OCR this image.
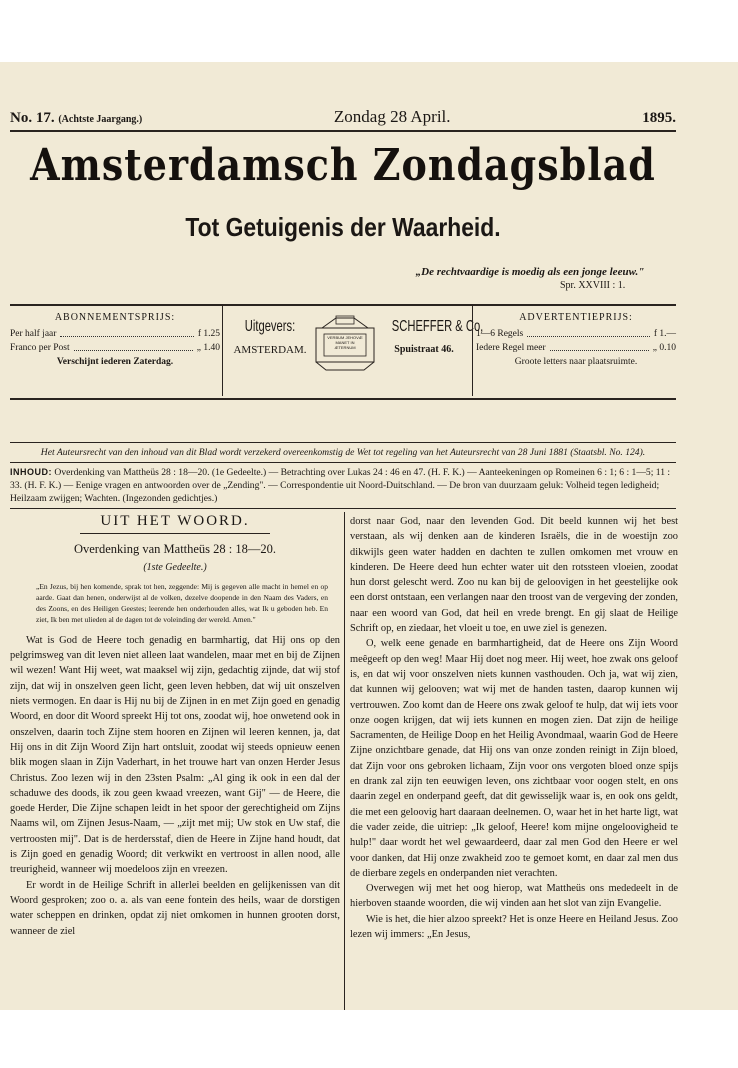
No. 17. (Achtste Jaargang.)	Zondag 28 April.	1895.
Amsterdamsch Zondagsblad
Tot Getuigenis der Waarheid.
„De rechtvaardige is moedig als een jonge leeuw."
Spr. XXVIII : 1.
ABONNEMENTSPRIJS:
Per half jaar	f 1.25
Franco per Post	„ 1.40
Verschijnt iederen Zaterdag.
Uitgevers:
AMSTERDAM.
VERBUM JEHOVÆ MANET IN ÆTERNUM
SCHEFFER & Co,
Spuistraat 46.
ADVERTENTIEPRIJS:
1—6 Regels	f 1.—
Iedere Regel meer	„ 0.10
Groote letters naar plaatsruimte.
Het Auteursrecht van den inhoud van dit Blad wordt verzekerd overeenkomstig de Wet tot regeling van het Auteursrecht van 28 Juni 1881 (Staatsbl. No. 124).
INHOUD: Overdenking van Mattheüs 28 : 18—20. (1e Gedeelte.) — Betrachting over Lukas 24 : 46 en 47. (H. F. K.) — Aanteekeningen op Romeinen 6 : 1; 6 : 1—5; 11 : 33. (H. F. K.) — Eenige vragen en antwoorden over de „Zending". — Correspondentie uit Noord-Duitschland. — De bron van duurzaam geluk: Volheid tegen ledigheid; Heilzaam zwijgen; Wachten. (Ingezonden gedichtjes.)
UIT HET WOORD.
Overdenking van Mattheüs 28 : 18—20.
(1ste Gedeelte.)
„En Jezus, bij hen komende, sprak tot hen, zeggende: Mij is gegeven alle macht in hemel en op aarde. Gaat dan henen, onderwijst al de volken, dezelve doopende in den Naam des Vaders, en des Zoons, en des Heiligen Geestes; leerende hen onderhouden alles, wat Ik u geboden heb. En ziet, Ik ben met ulieden al de dagen tot de voleinding der wereld. Amen."

Wat is God de Heere toch genadig en barmhartig, dat Hij ons op den pelgrimsweg van dit leven niet alleen laat wandelen, maar met en bij de Zijnen wil wezen! Want Hij weet, wat maaksel wij zijn, gedachtig zijnde, dat wij stof zijn, dat wij in onszelven geen licht, geen leven hebben, dat wij uit onszelven niets vermogen. En daar is Hij nu bij de Zijnen in en met Zijn goed en genadig Woord, en door dit Woord spreekt Hij tot ons, zoodat wij, hoe onwetend ook in onszelven, daarin toch Zijne stem hooren en Zijnen wil leeren kennen, ja, dat Hij ons in dit Zijn Woord Zijn hart ontsluit, zoodat wij steeds opnieuw eenen blik mogen slaan in Zijn Vaderhart, in het trouwe hart van onzen Herder Jesus Christus. Zoo lezen wij in den 23sten Psalm: „Al ging ik ook in een dal der schaduwe des doods, ik zou geen kwaad vreezen, want Gij" — de Heere, die goede Herder, Die Zijne schapen leidt in het spoor der gerechtigheid om Zijns Naams wil, om Zijnen Jesus-Naam, — „zijt met mij; Uw stok en Uw staf, die vertroosten mij". Dat is de herdersstaf, dien de Heere in Zijne hand houdt, dat is Zijn goed en genadig Woord; dit verkwikt en vertroost in allen nood, alle treurigheid, wanneer wij moedeloos zijn en vreezen.

Er wordt in de Heilige Schrift in allerlei beelden en gelijkenissen van dit Woord gesproken; zoo o. a. als van eene fontein des heils, waar de dorstigen water scheppen en drinken, opdat zij niet omkomen in hunnen grooten dorst, wanneer de ziel

dorst naar God, naar den levenden God. Dit beeld kunnen wij het best verstaan, als wij denken aan de kinderen Israëls, die in de woestijn zoo dikwijls geen water hadden en dachten te zullen omkomen met vrouw en kinderen. De Heere deed hun echter water uit den rotssteen vloeien, zoodat hun dorst gelescht werd. Zoo nu kan bij de geloovigen in het geestelijke ook een dorst ontstaan, een verlangen naar den troost van de vergeving der zonden, naar een woord van God, dat heil en vrede brengt. En gij slaat de Heilige Schrift op, en ziedaar, het vloeit u toe, en uwe ziel is genezen.

O, welk eene genade en barmhartigheid, dat de Heere ons Zijn Woord meêgeeft op den weg! Maar Hij doet nog meer. Hij weet, hoe zwak ons geloof is, en dat wij voor onszelven niets kunnen vasthouden. Och ja, wat wij zien, dat kunnen wij gelooven; wat wij met de handen tasten, daarop kunnen wij vertrouwen. Zoo komt dan de Heere ons zwak geloof te hulp, dat wij iets voor onze oogen krijgen, dat wij iets kunnen en mogen zien. Dat zijn de heilige Sacramenten, de Heilige Doop en het Heilig Avondmaal, waarin God de Heere Zijne onzichtbare genade, dat Hij ons van onze zonden reinigt in Zijn bloed, dat Zijn voor ons gebroken lichaam, Zijn voor ons vergoten bloed onze spijs en drank zal zijn ten eeuwigen leven, ons zichtbaar voor oogen stelt, en ons daarin zegel en onderpand geeft, dat dit gewisselijk waar is, en ook ons geldt, die met een geloovig hart daaraan deelnemen. O, waar het in het harte ligt, wat die vader zeide, die uitriep: „Ik geloof, Heere! kom mijne ongeloovigheid te hulp!" daar wordt het wel gewaardeerd, daar zal men God den Heere er wel voor danken, dat Hij onze zwakheid zoo te gemoet komt, en daar zal men dus de dierbare zegels en onderpanden niet verachten.

Overwegen wij met het oog hierop, wat Mattheüs ons mededeelt in de hierboven staande woorden, die wij vinden aan het slot van zijn Evangelie.

Wie is het, die hier alzoo spreekt? Het is onze Heere en Heiland Jesus. Zoo lezen wij immers: „En Jesus,
